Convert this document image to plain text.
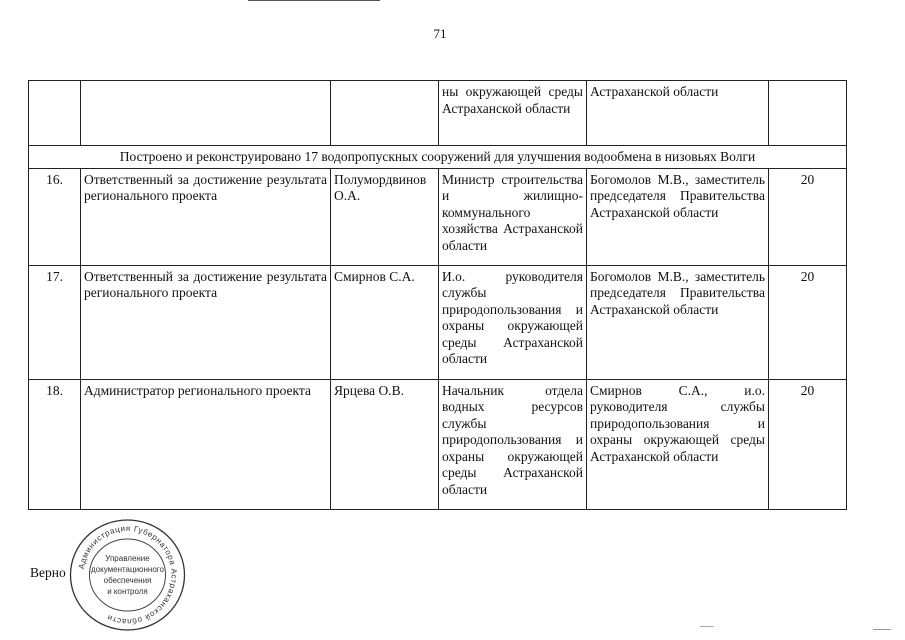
71
			ны окружающей среды Астраханской области	Астраханской области	
Построено и реконструировано 17 водопропускных сооружений для улучшения водообмена в низовьях Волги					
16.	Ответственный за достижение результата регионального проекта	Полумордвинов О.А.	Министр строительства и жилищно-коммунального хозяйства Астраханской области	Богомолов М.В., заместитель председателя Правительства Астраханской области	20
17.	Ответственный за достижение результата регионального проекта	Смирнов С.А.	И.о. руководителя службы природопользования и охраны окружающей среды Астраханской области	Богомолов М.В., заместитель председателя Правительства Астраханской области	20
18.	Администратор регионального проекта	Ярцева О.В.	Начальник отдела водных ресурсов службы природопользования и охраны окружающей среды Астраханской области	Смирнов С.А., и.о. руководителя службы природопользования и охраны окружающей среды Астраханской области	20
Верно Администрация Губернатора Астраханской области
Управление
документационного
обеспечения
и контроля
